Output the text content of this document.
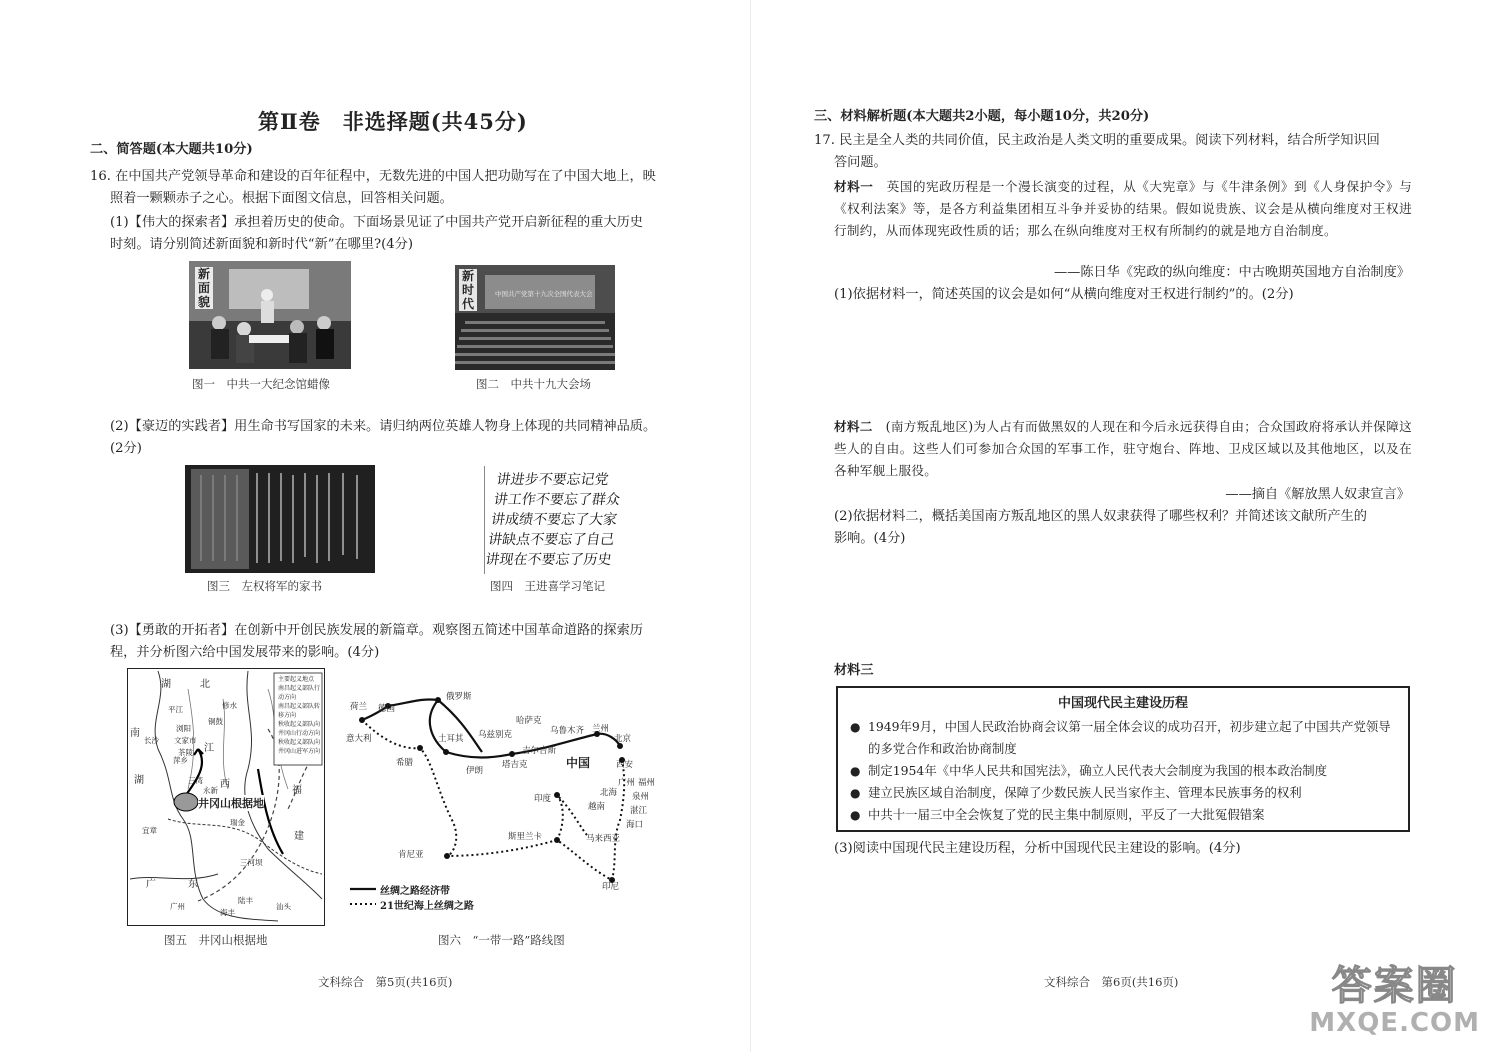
第Ⅱ卷　非选择题(共45分)
二、简答题(本大题共10分)
16. 在中国共产党领导革命和建设的百年征程中，无数先进的中国人把功勋写在了中国大地上，映
照着一颗颗赤子之心。根据下面图文信息，回答相关问题。
(1)【伟大的探索者】承担着历史的使命。下面场景见证了中国共产党开启新征程的重大历史
时刻。请分别简述新面貌和新时代“新”在哪里?(4分)
新面貌
图一　中共一大纪念馆蜡像
中国共产党第十九次全国代表大会
新时代
图二　中共十九大会场
(2)【豪迈的实践者】用生命书写国家的未来。请归纳两位英雄人物身上体现的共同精神品质。
(2分)
图三　左权将军的家书
讲进步不要忘记党
讲工作不要忘了群众
讲成绩不要忘了大家
讲缺点不要忘了自己
讲现在不要忘了历史
图四　王进喜学习笔记
(3)【勇敢的开拓者】在创新中开创民族发展的新篇章。观察图五简述中国革命道路的探索历
程，并分析图六给中国发展带来的影响。(4分)
湖	北
南
江
西
福
建
广	东
湖
修水
铜鼓
平江
浏阳
文家市
长沙
萍乡
三湾
永新
瑞金
宜章
三河坝
广州
陆丰
海丰
汕头
茶陵
井冈山根据地
主要起义地点
南昌起义部队行动方向
南昌起义部队转移方向
秋收起义部队向井冈山行动方向
秋收起义部队向井冈山进军方向
图五　井冈山根据地
荷兰 德国
意大利
希腊
俄罗斯
土耳其 乌兹别克
伊朗
哈萨克
吉尔吉斯
塔吉克
乌鲁木齐 兰州
北京
西安
中国
广州 福州
泉州
湛江
海口
北海
越南
印度
斯里兰卡	马来西亚
肯尼亚
印尼
丝绸之路经济带
21世纪海上丝绸之路
图六　“一带一路”路线图
文科综合　第5页(共16页)
三、材料解析题(本大题共2小题，每小题10分，共20分)
17. 民主是全人类的共同价值，民主政治是人类文明的重要成果。阅读下列材料，结合所学知识回
答问题。
材料一　 英国的宪政历程是一个漫长演变的过程，从《大宪章》与《牛津条例》到《人身保护令》与《权利法案》等，是各方利益集团相互斗争并妥协的结果。假如说贵族、议会是从横向维度对王权进行制约，从而体现宪政性质的话；那么在纵向维度对王权有所制约的就是地方自治制度。
——陈日华《宪政的纵向维度：中古晚期英国地方自治制度》
(1)依据材料一，简述英国的议会是如何“从横向维度对王权进行制约”的。(2分)
材料二　 (南方叛乱地区)为人占有而做黑奴的人现在和今后永远获得自由；合众国政府将承认并保障这些人的自由。这些人们可参加合众国的军事工作，驻守炮台、阵地、卫戍区域以及其他地区，以及在各种军舰上服役。
——摘自《解放黑人奴隶宣言》
(2)依据材料二，概括美国南方叛乱地区的黑人奴隶获得了哪些权利？并简述该文献所产生的
影响。(4分)
材料三
中国现代民主建设历程
● 1949年9月，中国人民政治协商会议第一届全体会议的成功召开，初步建立起了中国共产党领导的多党合作和政治协商制度
● 制定1954年《中华人民共和国宪法》，确立人民代表大会制度为我国的根本政治制度
● 建立民族区域自治制度，保障了少数民族人民当家作主、管理本民族事务的权利
● 中共十一届三中全会恢复了党的民主集中制原则，平反了一大批冤假错案
(3)阅读中国现代民主建设历程，分析中国现代民主建设的影响。(4分)
文科综合　第6页(共16页)	答案圈
MXQE.COM
